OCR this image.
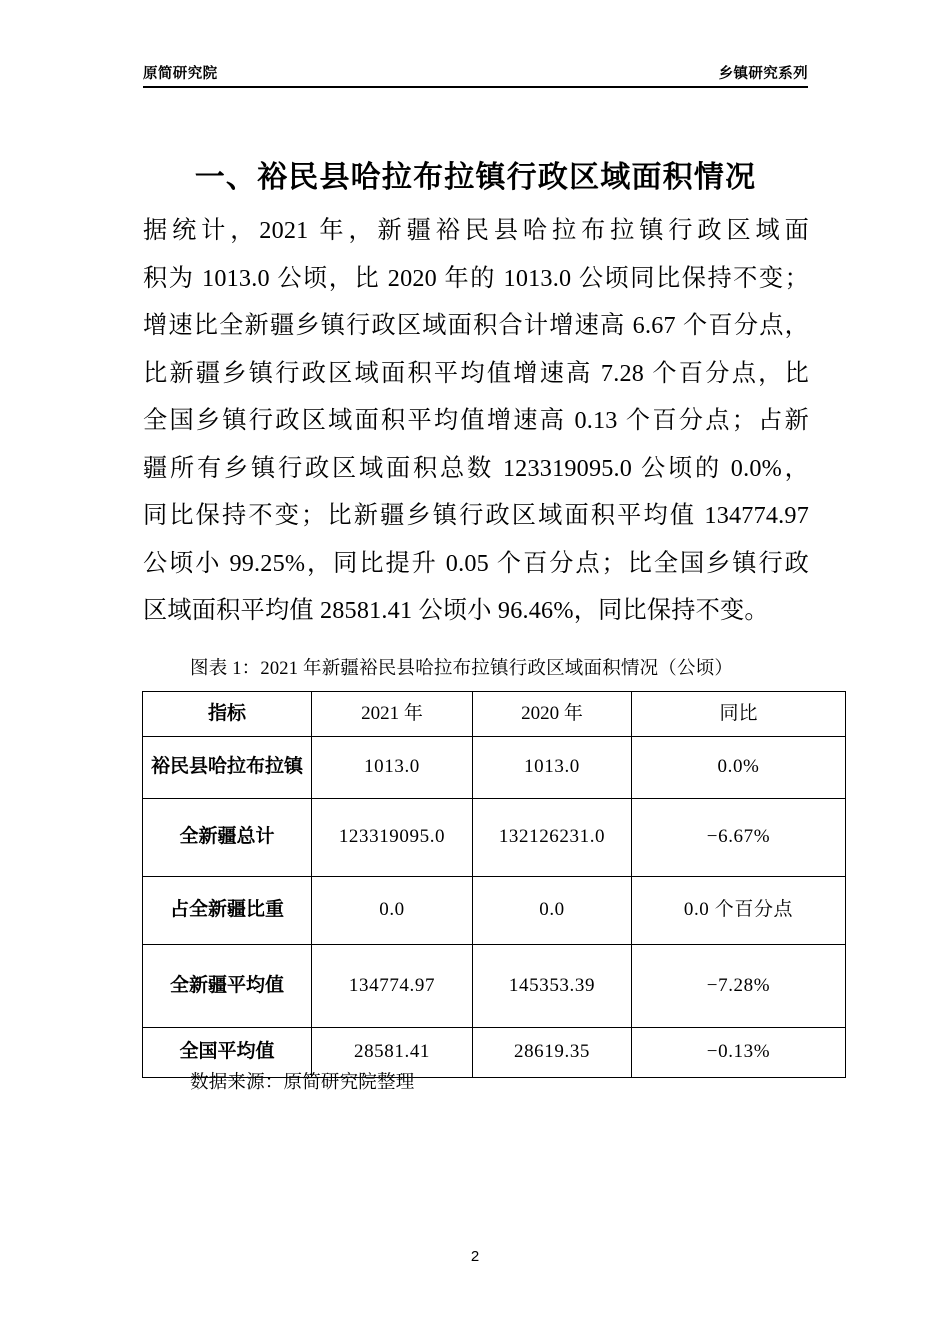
原简研究院	乡镇研究系列
一、裕民县哈拉布拉镇行政区域面积情况
据统计，2021 年，新疆裕民县哈拉布拉镇行政区域面
积为 1013.0 公顷，比 2020 年的 1013.0 公顷同比保持不变；
增速比全新疆乡镇行政区域面积合计增速高 6.67 个百分点，
比新疆乡镇行政区域面积平均值增速高 7.28 个百分点，比
全国乡镇行政区域面积平均值增速高 0.13 个百分点；占新
疆所有乡镇行政区域面积总数 123319095.0 公顷的 0.0%，
同比保持不变；比新疆乡镇行政区域面积平均值 134774.97
公顷小 99.25%，同比提升 0.05 个百分点；比全国乡镇行政
区域面积平均值 28581.41 公顷小 96.46%，同比保持不变。
图表 1：2021 年新疆裕民县哈拉布拉镇行政区域面积情况（公顷）
指标	2021 年	2020 年	同比
裕民县哈拉布拉镇	1013.0	1013.0	0.0%
全新疆总计	123319095.0	132126231.0	−6.67%
占全新疆比重	0.0	0.0	0.0 个百分点
全新疆平均值	134774.97	145353.39	−7.28%
全国平均值	28581.41	28619.35	−0.13%
数据来源：原简研究院整理
2
